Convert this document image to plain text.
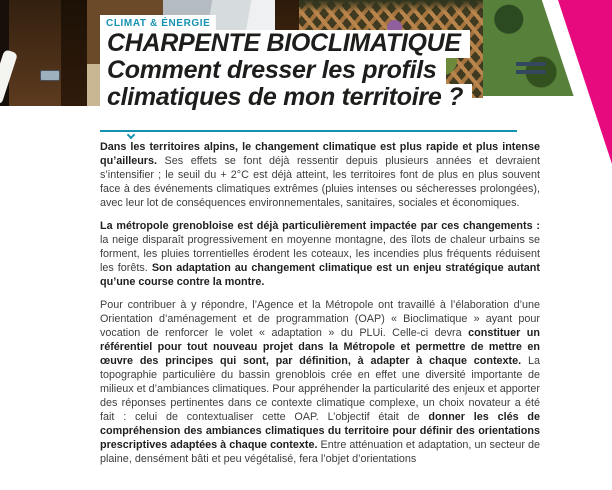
CLIMAT & ÉNERGIE
CHARPENTE BIOCLIMATIQUE
Comment dresser les profils
climatiques de mon territoire ?

Dans les territoires alpins, le changement climatique est plus rapide et plus intense qu’ailleurs. Ses effets se font déjà ressentir depuis plusieurs années et devraient s’intensifier ; le seuil du + 2°C est déjà atteint, les territoires font de plus en plus souvent face à des événements climatiques extrêmes (pluies intenses ou sécheresses prolongées), avec leur lot de conséquences environnementales, sanitaires, sociales et économiques.

La métropole grenobloise est déjà particulièrement impactée par ces changements : la neige disparaît progressivement en moyenne montagne, des îlots de chaleur urbains se forment, les pluies torrentielles érodent les coteaux, les incendies plus fréquents réduisent les forêts. Son adaptation au changement climatique est un enjeu stratégique autant qu’une course contre la montre.

Pour contribuer à y répondre, l’Agence et la Métropole ont travaillé à l’élaboration d’une Orientation d’aménagement et de programmation (OAP) « Bioclimatique » ayant pour vocation de renforcer le volet « adaptation » du PLUi. Celle-ci devra constituer un référentiel pour tout nouveau projet dans la Métropole et permettre de mettre en œuvre des principes qui sont, par définition, à adapter à chaque contexte. La topographie particulière du bassin grenoblois crée en effet une diversité importante de milieux et d’ambiances climatiques. Pour appréhender la particularité des enjeux et apporter des réponses pertinentes dans ce contexte climatique complexe, un choix novateur a été fait : celui de contextualiser cette OAP. L’objectif était de donner les clés de compréhension des ambiances climatiques du territoire pour définir des orientations prescriptives adaptées à chaque contexte. Entre atténuation et adaptation, un secteur de plaine, densément bâti et peu végétalisé, fera l’objet d’orientations
